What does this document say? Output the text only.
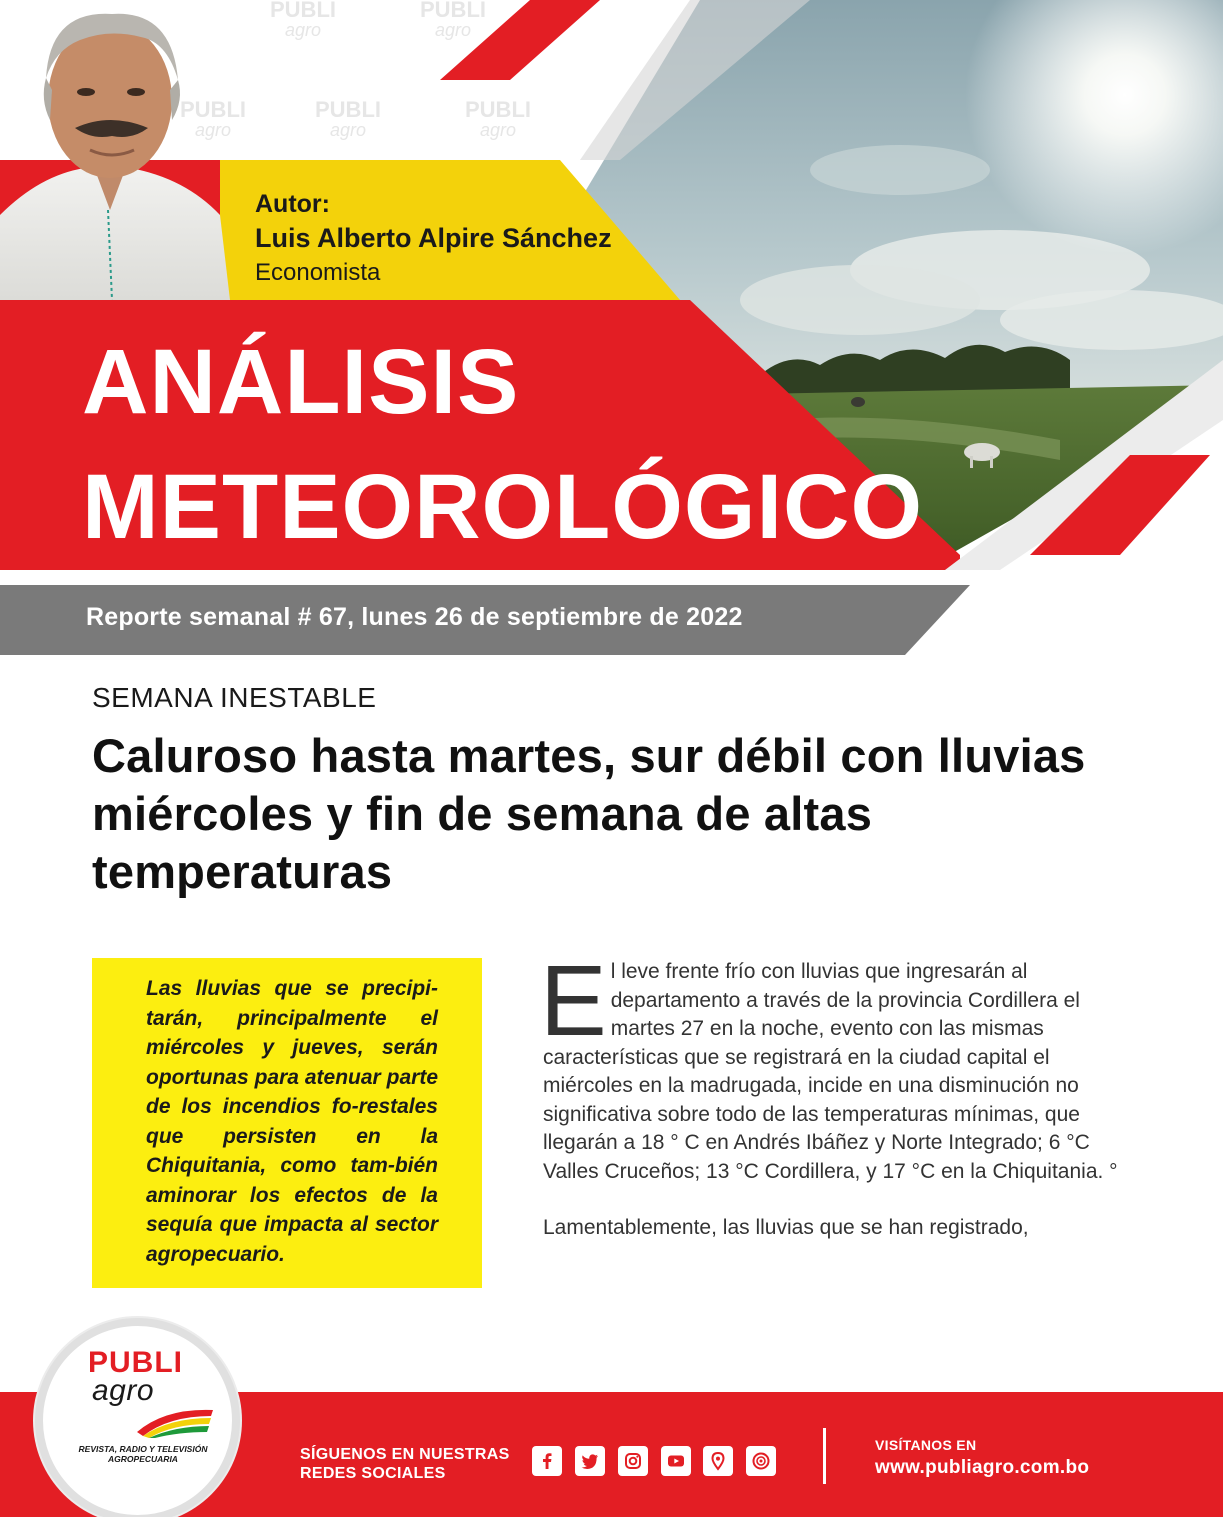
PUBLI
agro
PUBLI
agro
PUBLI
agro
PUBLI
agro
PUBLI
agro
Autor:
Luis Alberto Alpire Sánchez
Economista
ANÁLISIS
METEOROLÓGICO
Reporte semanal # 67, lunes 26 de septiembre de 2022
SEMANA INESTABLE
Caluroso hasta martes, sur débil con lluvias miércoles y fin de semana de altas temperaturas

Las lluvias que se precipi-tarán, principalmente el miércoles y jueves, serán oportunas para atenuar parte de los incendios fo-restales que persisten en la Chiquitania, como tam-bién aminorar los efectos de la sequía que impacta al sector agropecuario.

El leve frente frío con lluvias que ingresarán al departamento a través de la provincia Cordillera el martes 27 en la noche, evento con las mismas características que se registrará en la ciudad capital el miércoles en la madrugada, incide en una disminución no significativa sobre todo de las temperaturas mínimas, que llegarán a 18 ° C en Andrés Ibáñez y Norte Integrado; 6 °C Valles Cruceños; 13 °C Cordillera, y 17 °C en la Chiquitania. °

Lamentablemente, las lluvias que se han registrado,

PUBLI
agro
REVISTA, RADIO Y TELEVISIÓN AGROPECUARIA	SÍGUENOS EN NUESTRAS
REDES SOCIALES
VISÍTANOS EN
www.publiagro.com.bo
